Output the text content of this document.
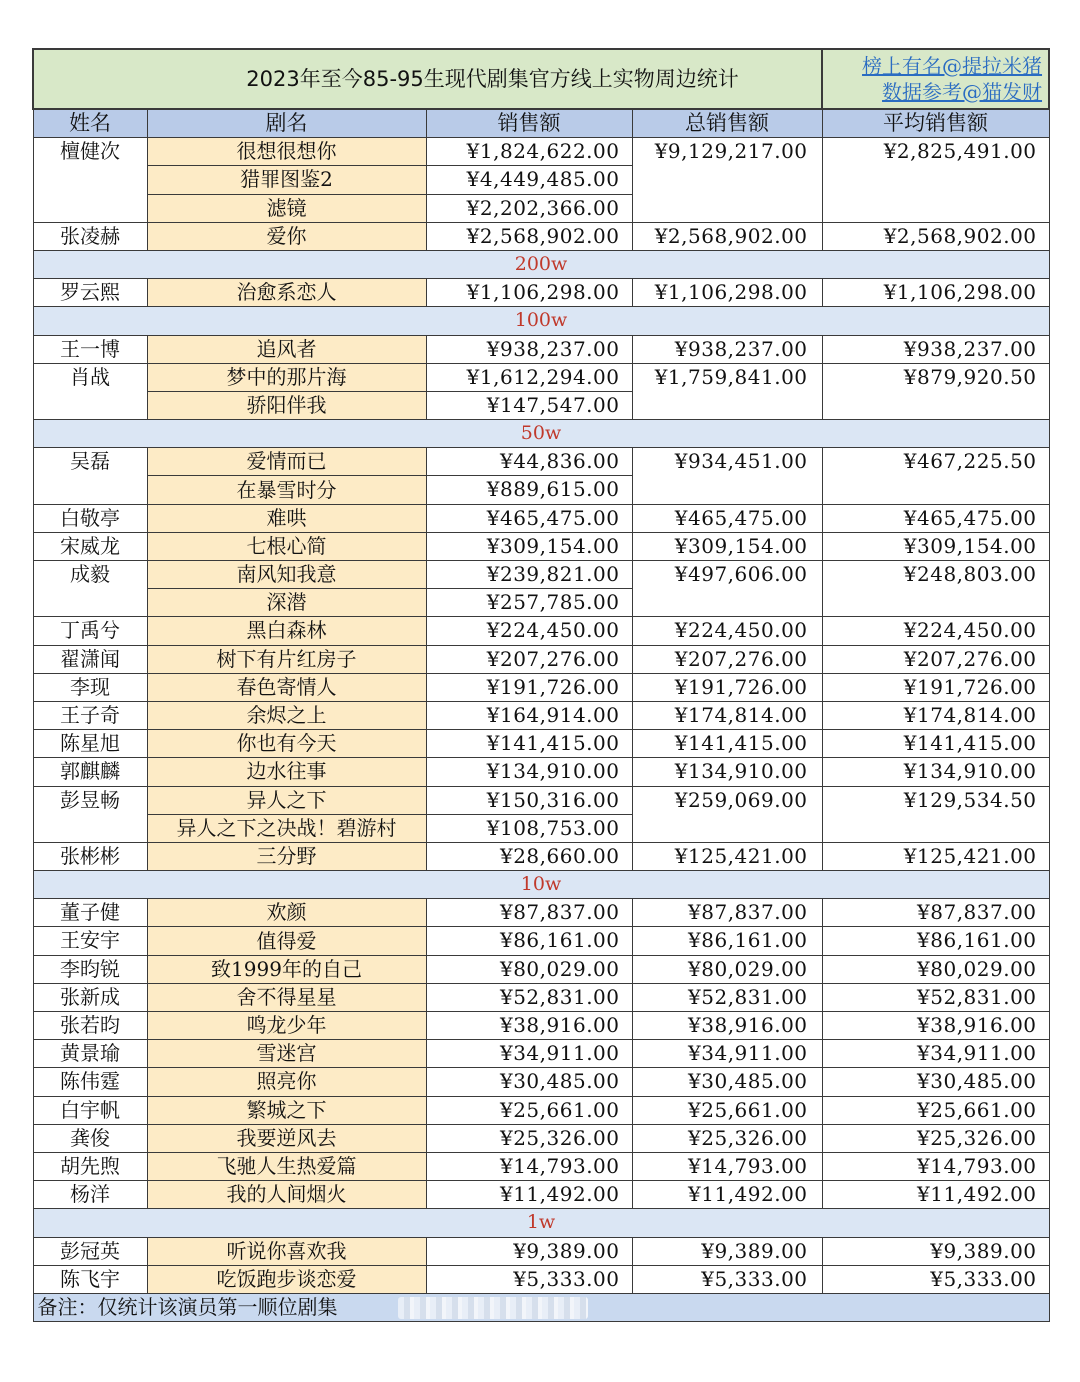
2023年至今85-95生现代剧集官方线上实物周边统计				榜上有名@提拉米猪
数据参考@猫发财

姓名	剧名	销售额	总销售额	平均销售额
檀健次	很想很想你	¥1,824,622.00	¥9,129,217.00	¥2,825,491.00
	猎罪图鉴2	¥4,449,485.00		
	滤镜	¥2,202,366.00		
张凌赫	爱你	¥2,568,902.00	¥2,568,902.00	¥2,568,902.00
200w				
罗云熙	治愈系恋人	¥1,106,298.00	¥1,106,298.00	¥1,106,298.00
100w				
王一博	追风者	¥938,237.00	¥938,237.00	¥938,237.00
肖战	梦中的那片海	¥1,612,294.00	¥1,759,841.00	¥879,920.50
	骄阳伴我	¥147,547.00		
50w				
吴磊	爱情而已	¥44,836.00	¥934,451.00	¥467,225.50
	在暴雪时分	¥889,615.00		
白敬亭	难哄	¥465,475.00	¥465,475.00	¥465,475.00
宋威龙	七根心简	¥309,154.00	¥309,154.00	¥309,154.00
成毅	南风知我意	¥239,821.00	¥497,606.00	¥248,803.00
	深潜	¥257,785.00		
丁禹兮	黑白森林	¥224,450.00	¥224,450.00	¥224,450.00
翟潇闻	树下有片红房子	¥207,276.00	¥207,276.00	¥207,276.00
李现	春色寄情人	¥191,726.00	¥191,726.00	¥191,726.00
王子奇	余烬之上	¥164,914.00	¥174,814.00	¥174,814.00
陈星旭	你也有今天	¥141,415.00	¥141,415.00	¥141,415.00
郭麒麟	边水往事	¥134,910.00	¥134,910.00	¥134,910.00
彭昱畅	异人之下	¥150,316.00	¥259,069.00	¥129,534.50
	异人之下之决战！碧游村	¥108,753.00		
张彬彬	三分野	¥28,660.00	¥125,421.00	¥125,421.00
10w				
董子健	欢颜	¥87,837.00	¥87,837.00	¥87,837.00
王安宇	值得爱	¥86,161.00	¥86,161.00	¥86,161.00
李昀锐	致1999年的自己	¥80,029.00	¥80,029.00	¥80,029.00
张新成	舍不得星星	¥52,831.00	¥52,831.00	¥52,831.00
张若昀	鸣龙少年	¥38,916.00	¥38,916.00	¥38,916.00
黄景瑜	雪迷宫	¥34,911.00	¥34,911.00	¥34,911.00
陈伟霆	照亮你	¥30,485.00	¥30,485.00	¥30,485.00
白宇帆	繁城之下	¥25,661.00	¥25,661.00	¥25,661.00
龚俊	我要逆风去	¥25,326.00	¥25,326.00	¥25,326.00
胡先煦	飞驰人生热爱篇	¥14,793.00	¥14,793.00	¥14,793.00
杨洋	我的人间烟火	¥11,492.00	¥11,492.00	¥11,492.00
1w				
彭冠英	听说你喜欢我	¥9,389.00	¥9,389.00	¥9,389.00
陈飞宇	吃饭跑步谈恋爱	¥5,333.00	¥5,333.00	¥5,333.00
备注：仅统计该演员第一顺位剧集				
